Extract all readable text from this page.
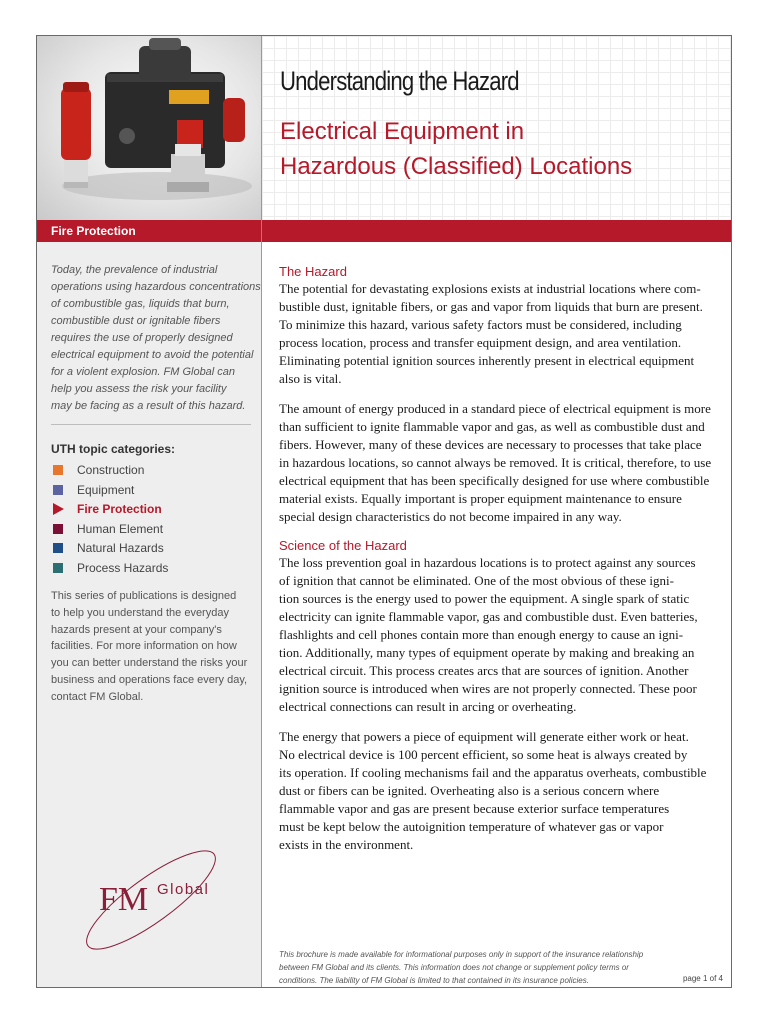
Today, the prevalence of industrial
operations using hazardous concentrations
of combustible gas, liquids that burn,
combustible dust or ignitable fibers
requires the use of properly designed
electrical equipment to avoid the potential
for a violent explosion. FM Global can
help you assess the risk your facility
may be facing as a result of this hazard.
UTH topic categories:
Construction
Equipment
Fire Protection
Human Element
Natural Hazards
Process Hazards
This series of publications is designed
to help you understand the everyday
hazards present at your company's
facilities. For more information on how
you can better understand the risks your
business and operations face every day,
contact FM Global.
FM Global
Understanding the Hazard
Electrical Equipment in
Hazardous (Classified) Locations
Fire Protection
The Hazard
The potential for devastating explosions exists at industrial locations where com-
bustible dust, ignitable fibers, or gas and vapor from liquids that burn are present.
To minimize this hazard, various safety factors must be considered, including
process location, process and transfer equipment design, and area ventilation.
Eliminating potential ignition sources inherently present in electrical equipment
also is vital.
The amount of energy produced in a standard piece of electrical equipment is more
than sufficient to ignite flammable vapor and gas, as well as combustible dust and
fibers. However, many of these devices are necessary to processes that take place
in hazardous locations, so cannot always be removed. It is critical, therefore, to use
electrical equipment that has been specifically designed for use where combustible
material exists. Equally important is proper equipment maintenance to ensure
special design characteristics do not become impaired in any way.
Science of the Hazard
The loss prevention goal in hazardous locations is to protect against any sources
of ignition that cannot be eliminated. One of the most obvious of these igni-
tion sources is the energy used to power the equipment. A single spark of static
electricity can ignite flammable vapor, gas and combustible dust. Even batteries,
flashlights and cell phones contain more than enough energy to cause an igni-
tion. Additionally, many types of equipment operate by making and breaking an
electrical circuit. This process creates arcs that are sources of ignition. Another
ignition source is introduced when wires are not properly connected. These poor
electrical connections can result in arcing or overheating.
The energy that powers a piece of equipment will generate either work or heat.
No electrical device is 100 percent efficient, so some heat is always created by
its operation. If cooling mechanisms fail and the apparatus overheats, combustible
dust or fibers can be ignited. Overheating also is a serious concern where
flammable vapor and gas are present because exterior surface temperatures
must be kept below the autoignition temperature of whatever gas or vapor
exists in the environment.
This brochure is made available for informational purposes only in support of the insurance relationship
between FM Global and its clients. This information does not change or supplement policy terms or
conditions. The liability of FM Global is limited to that contained in its insurance policies.	page 1 of 4
